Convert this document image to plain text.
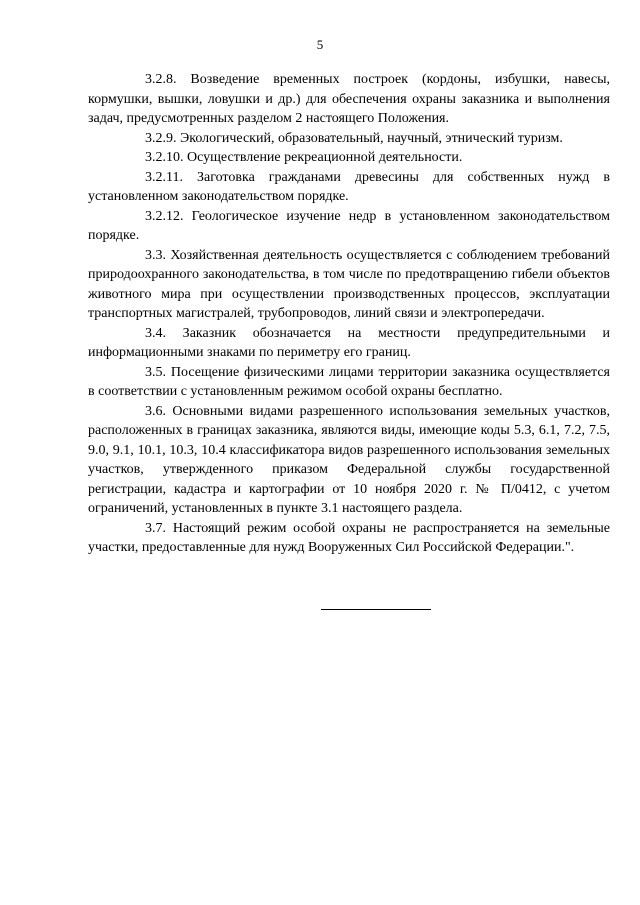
5

3.2.8. Возведение временных построек (кордоны, избушки, навесы, кормушки, вышки, ловушки и др.) для обеспечения охраны заказника и выполнения задач, предусмотренных разделом 2 настоящего Положения.

3.2.9. Экологический, образовательный, научный, этнический туризм.

3.2.10. Осуществление рекреационной деятельности.

3.2.11. Заготовка гражданами древесины для собственных нужд в установленном законодательством порядке.

3.2.12. Геологическое изучение недр в установленном законодательством порядке.

3.3. Хозяйственная деятельность осуществляется с соблюдением требований природоохранного законодательства, в том числе по предотвращению гибели объектов животного мира при осуществлении производственных процессов, эксплуатации транспортных магистралей, трубопроводов, линий связи и электропередачи.

3.4. Заказник обозначается на местности предупредительными и информационными знаками по периметру его границ.

3.5. Посещение физическими лицами территории заказника осуществляется в соответствии с установленным режимом особой охраны бесплатно.

3.6. Основными видами разрешенного использования земельных участков, расположенных в границах заказника, являются виды, имеющие коды 5.3, 6.1, 7.2, 7.5, 9.0, 9.1, 10.1, 10.3, 10.4 классификатора видов разрешенного использования земельных участков, утвержденного приказом Федеральной службы государственной регистрации, кадастра и картографии от 10 ноября 2020 г. № П/0412, с учетом ограничений, установленных в пункте 3.1 настоящего раздела.

3.7. Настоящий режим особой охраны не распространяется на земельные участки, предоставленные для нужд Вооруженных Сил Российской Федерации.".
